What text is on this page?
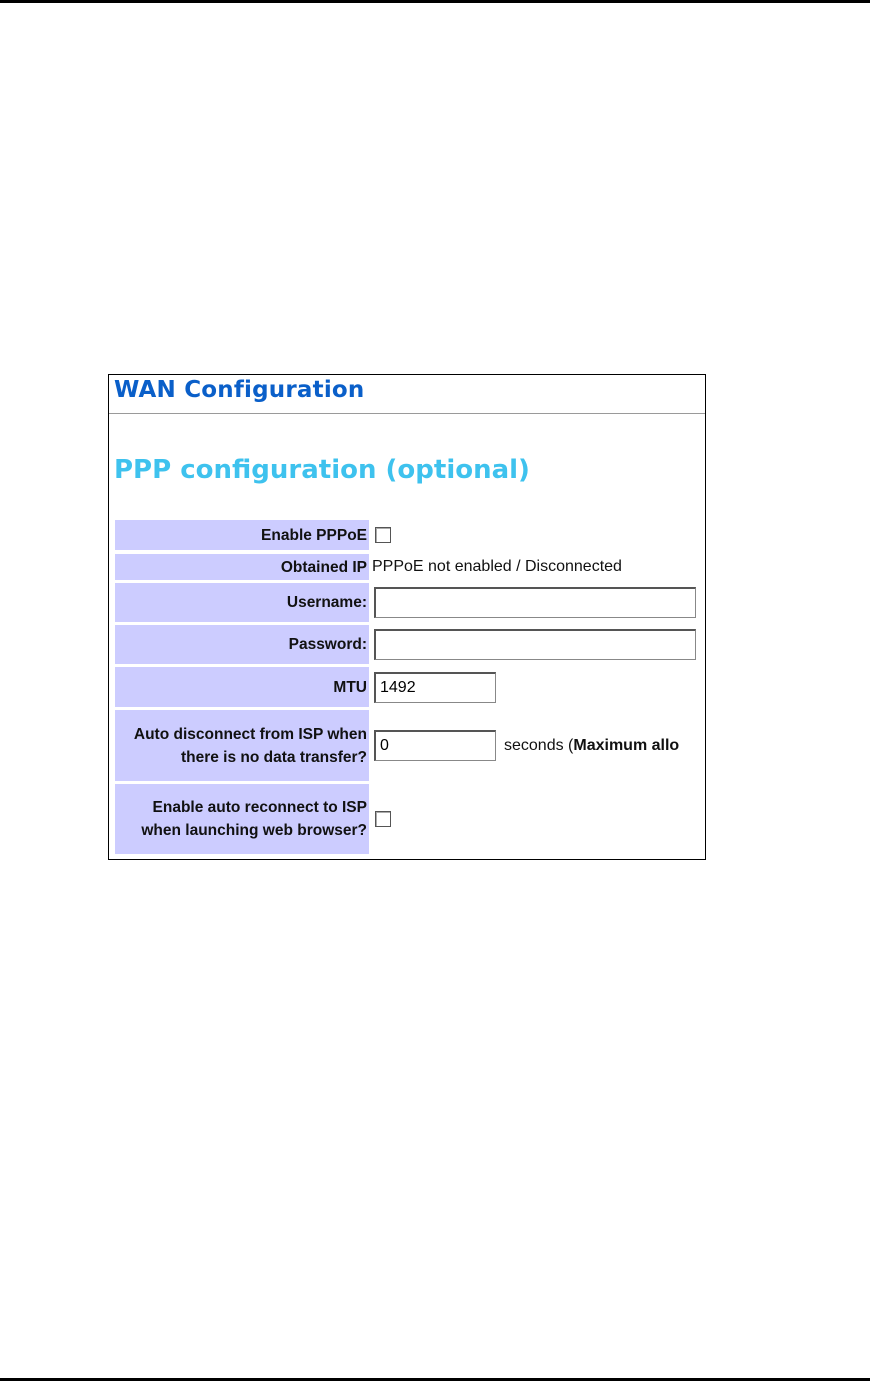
WAN Configuration
PPP configuration (optional)
Enable PPPoE
Obtained IP PPPoE not enabled / Disconnected
Username:
Password:
MTU
1492
Auto disconnect from ISP when there is no data transfer?
0
seconds (Maximum allo
Enable auto reconnect to ISP when launching web browser?
